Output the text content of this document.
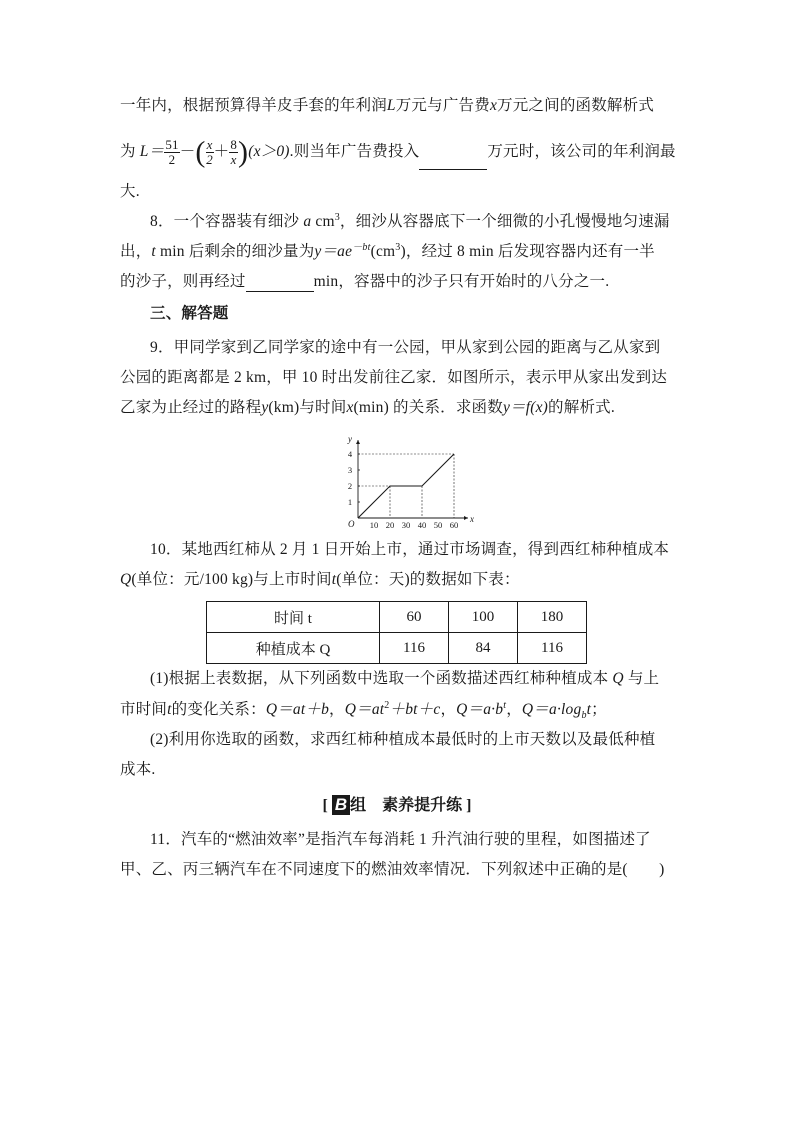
一年内，根据预算得羊皮手套的年利润L万元与广告费x万元之间的函数解析式
为 $L= \frac{51}{2}$ －( $\frac{x}{2} + \frac{8}{x} )(x>0)$.则当年广告费投入	万元时，该公司的年利润最
大.
8．一个容器装有细沙 a $cm^3$，细沙从容器底下一个细微的小孔慢慢地匀速漏
出，t min 后剩余的细沙量为$y=ae^{-bt}(cm^3)$，经过 8 min 后发现容器内还有一半
的沙子，则再经过	min，容器中的沙子只有开始时的八分之一.
三、解答题
9．甲同学家到乙同学家的途中有一公园，甲从家到公园的距离与乙从家到
公园的距离都是 2 km，甲 10 时出发前往乙家．如图所示，表示甲从家出发到达
乙家为止经过的路程y(km)与时间x(min) 的关系．求函数y＝f(x)的解析式.
x
y
O 10 20 30 40 50 60
1
2
3
4
10．某地西红柿从 2 月 1 日开始上市，通过市场调查，得到西红柿种植成本
Q(单位：元/100 kg)与上市时间t(单位：天)的数据如下表：
时间 t	60	100	180
种植成本 Q	116	84	116
(1)根据上表数据，从下列函数中选取一个函数描述西红柿种植成本 Q 与上
市时间t的变化关系：Q＝at＋b，$Q=at^2+bt+c$，$Q=a\cdot b^t$，$Q=a\cdot\log_bt$；
(2)利用你选取的函数，求西红柿种植成本最低时的上市天数以及最低种植
成本.
[ B 组　素养提升练 ]
11．汽车的“燃油效率”是指汽车每消耗 1 升汽油行驶的里程，如图描述了
甲、乙、丙三辆汽车在不同速度下的燃油效率情况．下列叙述中正确的是(　　)
